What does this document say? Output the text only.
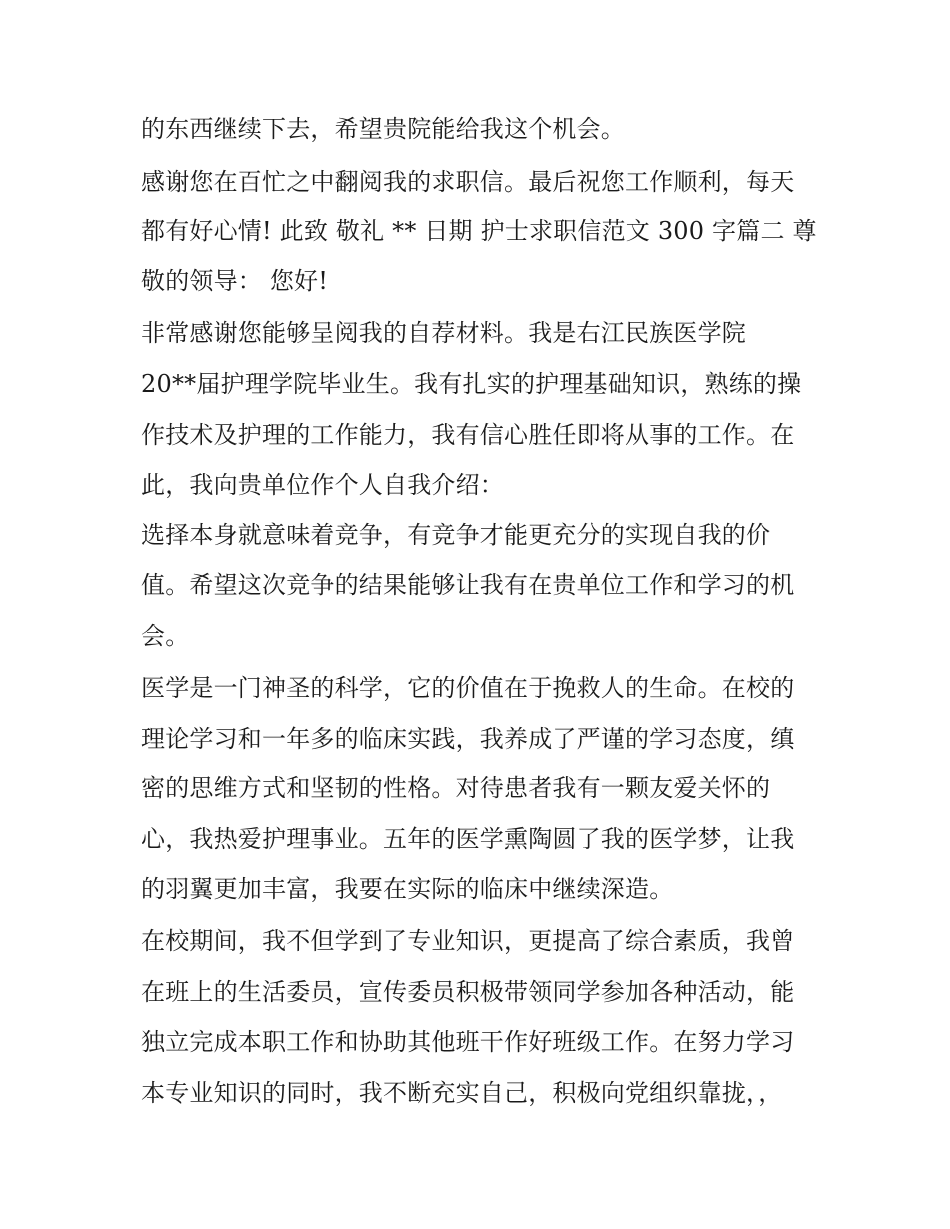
的东西继续下去，希望贵院能给我这个机会。
感谢您在百忙之中翻阅我的求职信。最后祝您工作顺利，每天
都有好心情! 此致 敬礼 ** 日期 护士求职信范文 300 字篇二 尊
敬的领导： 您好!
非常感谢您能够呈阅我的自荐材料。我是右江民族医学院
20**届护理学院毕业生。我有扎实的护理基础知识，熟练的操
作技术及护理的工作能力，我有信心胜任即将从事的工作。在
此，我向贵单位作个人自我介绍：
选择本身就意味着竞争，有竞争才能更充分的实现自我的价
值。希望这次竞争的结果能够让我有在贵单位工作和学习的机
会。
医学是一门神圣的科学，它的价值在于挽救人的生命。在校的
理论学习和一年多的临床实践，我养成了严谨的学习态度，缜
密的思维方式和坚韧的性格。对待患者我有一颗友爱关怀的
心，我热爱护理事业。五年的医学熏陶圆了我的医学梦，让我
的羽翼更加丰富，我要在实际的临床中继续深造。
在校期间，我不但学到了专业知识，更提高了综合素质，我曾
在班上的生活委员，宣传委员积极带领同学参加各种活动，能
独立完成本职工作和协助其他班干作好班级工作。在努力学习
本专业知识的同时，我不断充实自己，积极向党组织靠拢，，
